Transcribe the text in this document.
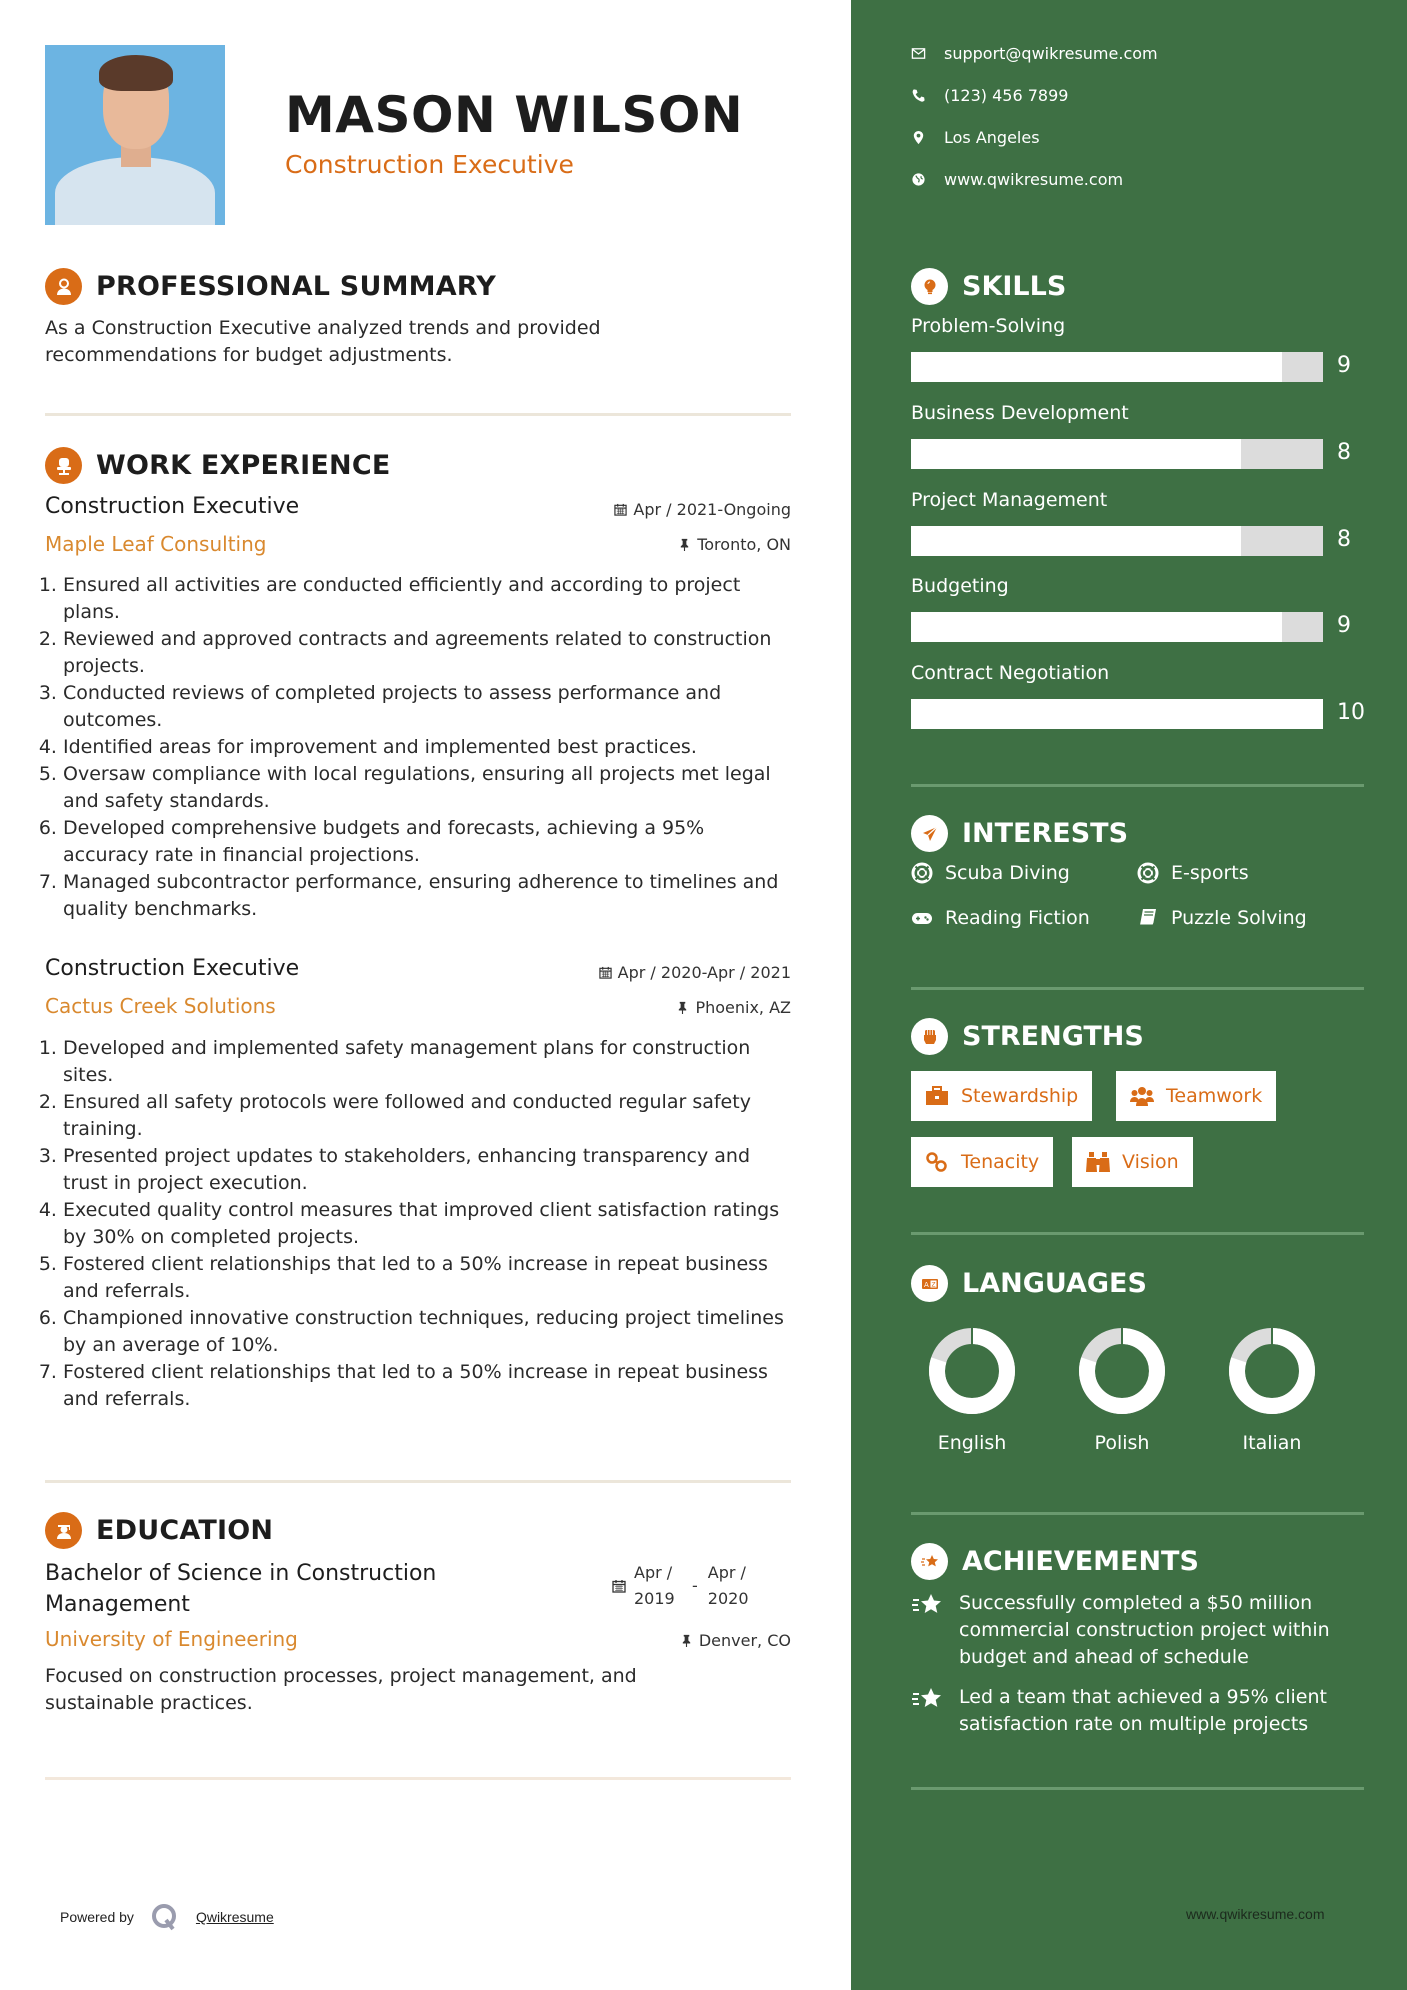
MASON WILSON
Construction Executive
PROFESSIONAL SUMMARY
As a Construction Executive analyzed trends and provided recommendations for budget adjustments.
WORK EXPERIENCE
Construction Executive	Apr / 2021-Ongoing
Maple Leaf Consulting	Toronto, ON
1. Ensured all activities are conducted efficiently and according to project plans.
2. Reviewed and approved contracts and agreements related to construction projects.
3. Conducted reviews of completed projects to assess performance and outcomes.
4. Identified areas for improvement and implemented best practices.
5. Oversaw compliance with local regulations, ensuring all projects met legal and safety standards.
6. Developed comprehensive budgets and forecasts, achieving a 95% accuracy rate in financial projections.
7. Managed subcontractor performance, ensuring adherence to timelines and quality benchmarks.
Construction Executive	Apr / 2020-Apr / 2021
Cactus Creek Solutions	Phoenix, AZ
1. Developed and implemented safety management plans for construction sites.
2. Ensured all safety protocols were followed and conducted regular safety training.
3. Presented project updates to stakeholders, enhancing transparency and trust in project execution.
4. Executed quality control measures that improved client satisfaction ratings by 30% on completed projects.
5. Fostered client relationships that led to a 50% increase in repeat business and referrals.
6. Championed innovative construction techniques, reducing project timelines by an average of 10%.
7. Fostered client relationships that led to a 50% increase in repeat business and referrals.
EDUCATION
Bachelor of Science in Construction Management
Apr / 2019
-
Apr / 2020
University of Engineering	Denver, CO
Focused on construction processes, project management, and sustainable practices.
Powered by	Qwikresume
support@qwikresume.com
(123) 456 7899
Los Angeles
www.qwikresume.com
SKILLS
Problem-Solving
9
Business Development
8
Project Management
8
Budgeting
9
Contract Negotiation
10
INTERESTS
Scuba Diving	E-sports
Reading Fiction	Puzzle Solving
STRENGTHS
Stewardship	Teamwork
Tenacity	Vision
A Z LANGUAGES
English	Polish	Italian
ACHIEVEMENTS
Successfully completed a $50 million commercial construction project within budget and ahead of schedule
Led a team that achieved a 95% client satisfaction rate on multiple projects
www.qwikresume.com
